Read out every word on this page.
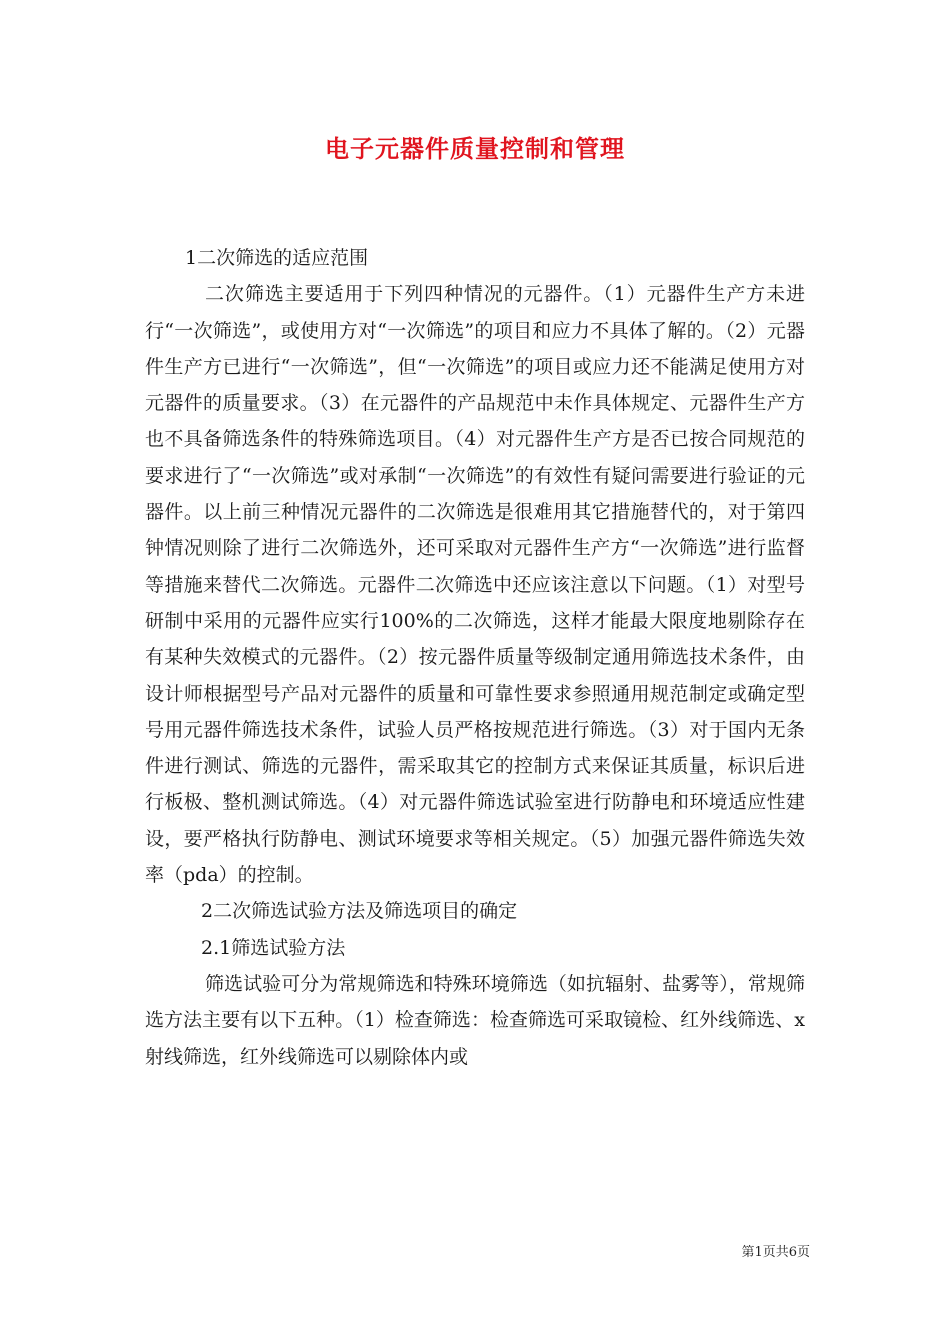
电子元器件质量控制和管理

1二次筛选的适应范围

二次筛选主要适用于下列四种情况的元器件。（1）元器件生产方未进行“一次筛选”，或使用方对“一次筛选”的项目和应力不具体了解的。（2）元器件生产方已进行“一次筛选”，但“一次筛选”的项目或应力还不能满足使用方对元器件的质量要求。（3）在元器件的产品规范中未作具体规定、元器件生产方也不具备筛选条件的特殊筛选项目。（4）对元器件生产方是否已按合同规范的要求进行了“一次筛选”或对承制“一次筛选”的有效性有疑问需要进行验证的元器件。以上前三种情况元器件的二次筛选是很难用其它措施替代的，对于第四钟情况则除了进行二次筛选外，还可采取对元器件生产方“一次筛选”进行监督等措施来替代二次筛选。元器件二次筛选中还应该注意以下问题。（1）对型号研制中采用的元器件应实行100%的二次筛选，这样才能最大限度地剔除存在有某种失效模式的元器件。（2）按元器件质量等级制定通用筛选技术条件，由设计师根据型号产品对元器件的质量和可靠性要求参照通用规范制定或确定型号用元器件筛选技术条件，试验人员严格按规范进行筛选。（3）对于国内无条件进行测试、筛选的元器件，需采取其它的控制方式来保证其质量，标识后进行板极、整机测试筛选。（4）对元器件筛选试验室进行防静电和环境适应性建设，要严格执行防静电、测试环境要求等相关规定。（5）加强元器件筛选失效率（pda）的控制。

2二次筛选试验方法及筛选项目的确定

2.1筛选试验方法

筛选试验可分为常规筛选和特殊环境筛选（如抗辐射、盐雾等），常规筛选方法主要有以下五种。（1）检查筛选：检查筛选可采取镜检、红外线筛选、x射线筛选，红外线筛选可以剔除体内或

第1页共6页
